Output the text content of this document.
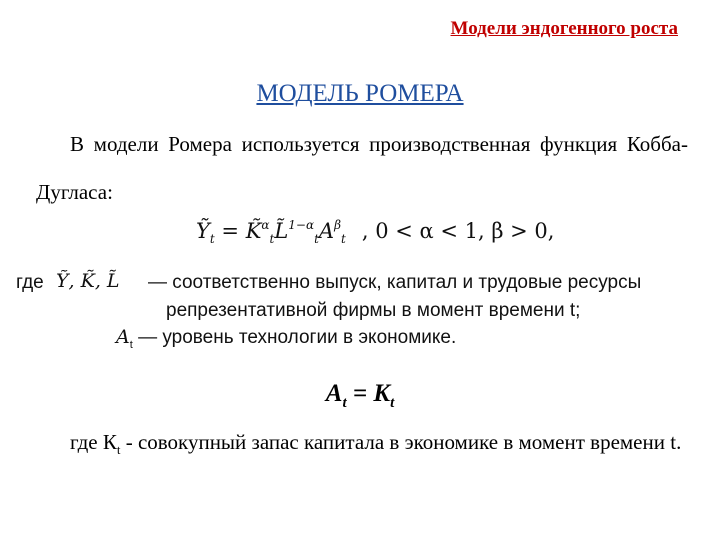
Модели эндогенного роста
МОДЕЛЬ РОМЕРА
В модели Ромера используется производственная функция Кобба-Дугласа:
Ỹ$_t$ = $K̃^\alpha_tL̃^{1-\alpha}_tA^\beta_t$ , 0 < α < 1, β > 0,
где Ỹ, K̃, L̃ — соответственно выпуск, капитал и трудовые ресурсы
репрезентативной фирмы в момент времени t;
$A_t$ — уровень технологии в экономике.
$A_t = K_t$
где $К_t$ - совокупный запас капитала в экономике в момент времени t.
